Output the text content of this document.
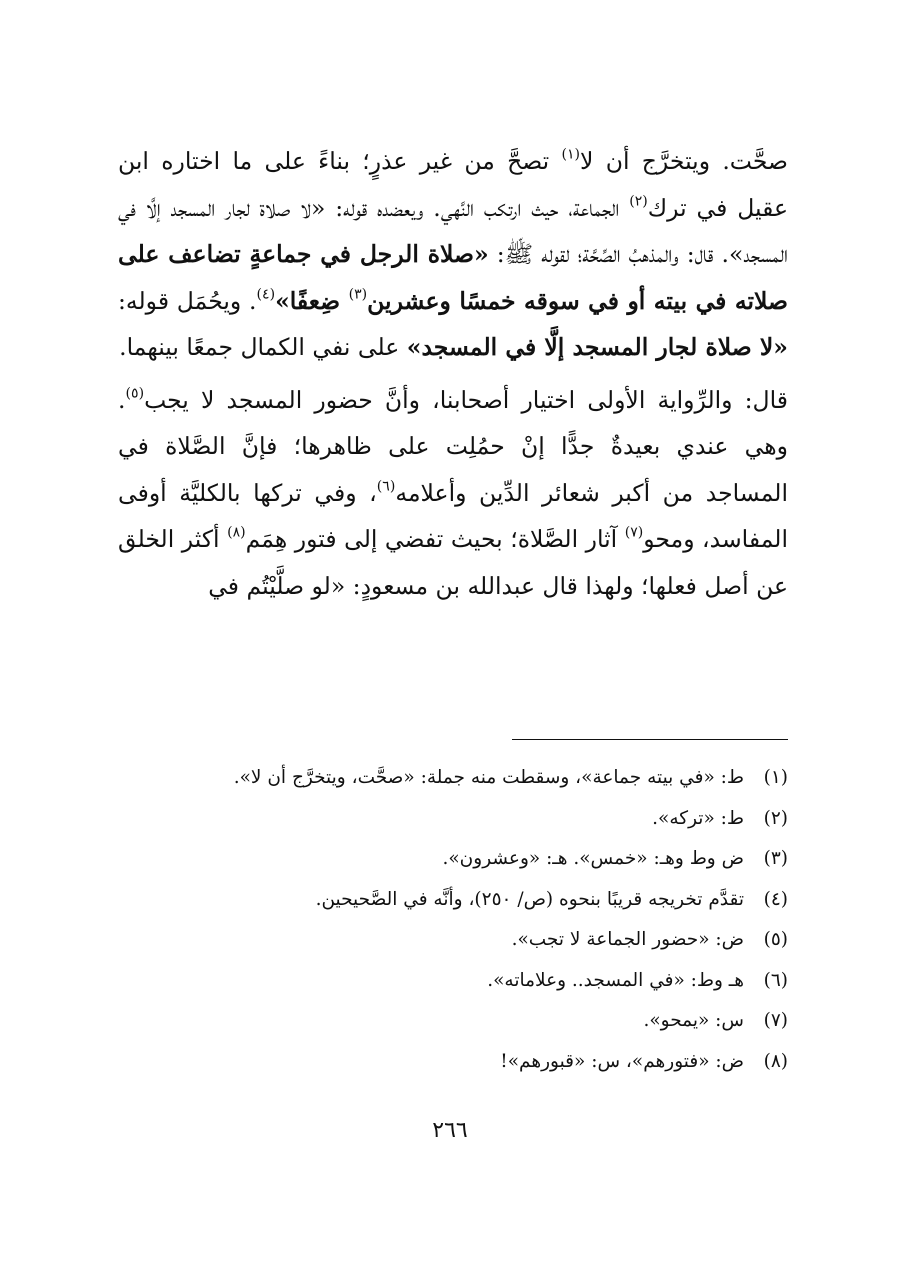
صحَّت. ويتخرَّج أن لا$^{(١)}$ تصحَّ من غير عذرٍ؛ بناءً على ما اختاره ابن عقيل في ترك$^{(٢)}$ الجماعة، حيث ارتكب النَّهي. ويعضده قوله: «لا صلاة لجار المسجد إلَّا في المسجد». قال: والمذهبُ الصِّحَّة؛ لقوله ﷺ: «صلاة الرجل في جماعةٍ تضاعف على صلاته في بيته أو في سوقه خمسًا وعشرين$^{(٣)}$ ضِعفًا»$^{(٤)}$. ويحُمَل قوله: «لا صلاة لجار المسجد إلَّا في المسجد» على نفي الكمال جمعًا بينهما.

قال: والرِّواية الأولى اختيار أصحابنا، وأنَّ حضور المسجد لا يجب$^{(٥)}$. وهي عندي بعيدةٌ جدًّا إنْ حمُلِت على ظاهرها؛ فإنَّ الصَّلاة في المساجد من أكبر شعائر الدِّين وأعلامه$^{(٦)}$، وفي تركها بالكليَّة أوفى المفاسد، ومحو$^{(٧)}$ آثار الصَّلاة؛ بحيث تفضي إلى فتور هِمَم$^{(٨)}$ أكثر الخلق عن أصل فعلها؛ ولهذا قال عبدالله بن مسعودٍ: «لو صلَّيْتُم في

(١)
ط: «في بيته جماعة»، وسقطت منه جملة: «صحَّت، ويتخرَّج أن لا».
(٢)
ط: «تركه».
(٣)
ض وط وهـ: «خمس». هـ: «وعشرون».
(٤)
تقدَّم تخريجه قريبًا بنحوه (ص/ ٢٥٠)، وأنَّه في الصَّحيحين.
(٥)
ض: «حضور الجماعة لا تجب».
(٦)
هـ وط: «في المسجد.. وعلاماته».
(٧)
س: «يمحو».
(٨)
ض: «فتورهم»، س: «قبورهم»!
٢٦٦
